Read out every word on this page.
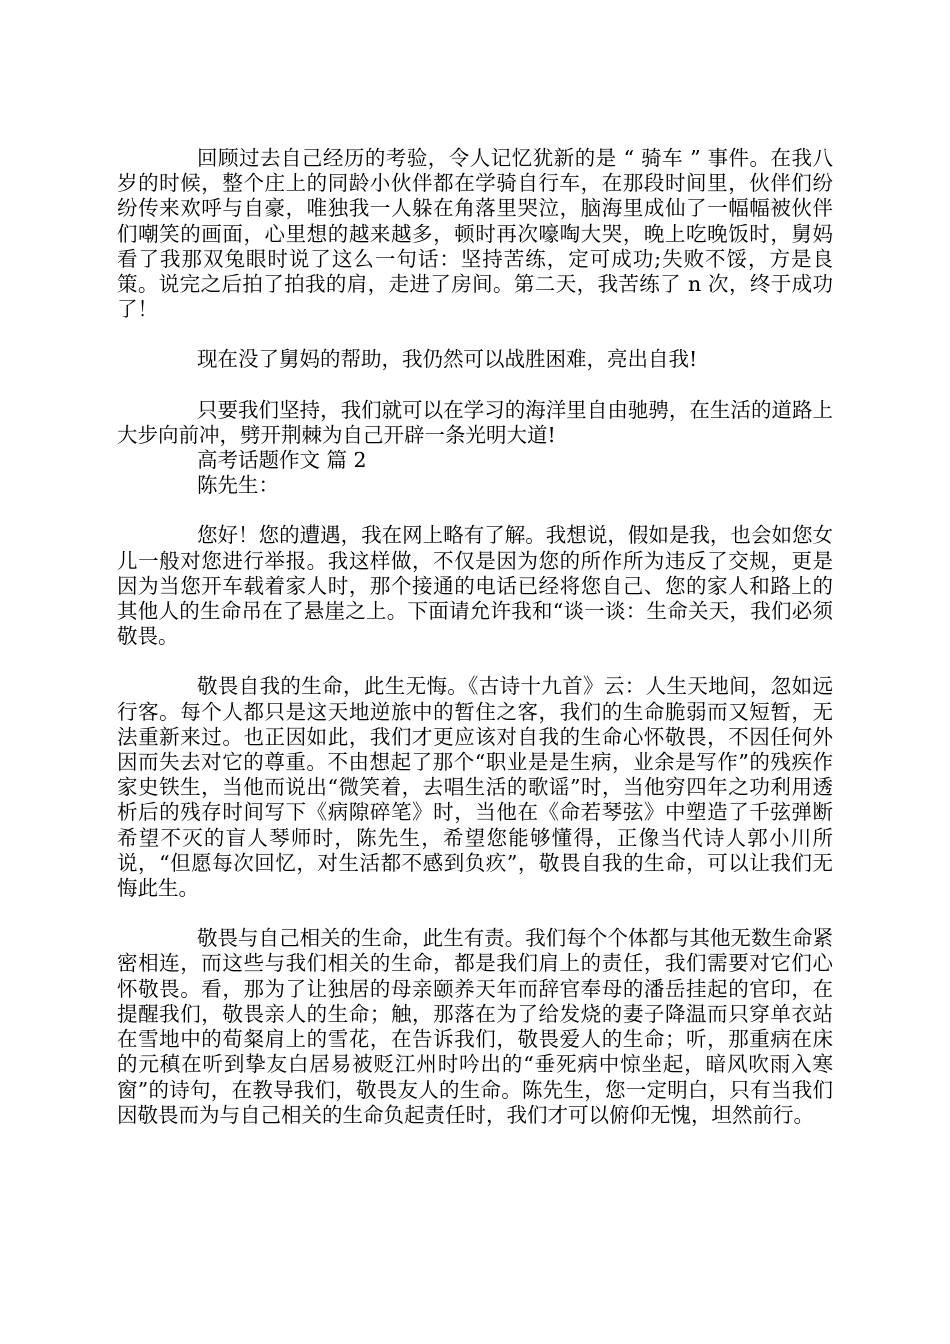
回顾过去自己经历的考验，令人记忆犹新的是 “ 骑车 ” 事件。在我八岁的时候，整个庄上的同龄小伙伴都在学骑自行车，在那段时间里，伙伴们纷纷传来欢呼与自豪，唯独我一人躲在角落里哭泣，脑海里成仙了一幅幅被伙伴们嘲笑的画面，心里想的越来越多，顿时再次嚎啕大哭，晚上吃晚饭时，舅妈看了我那双兔眼时说了这么一句话：坚持苦练，定可成功;失败不馁，方是良策。说完之后拍了拍我的肩，走进了房间。第二天，我苦练了 n 次，终于成功了！

现在没了舅妈的帮助，我仍然可以战胜困难，亮出自我!

只要我们坚持，我们就可以在学习的海洋里自由驰骋，在生活的道路上大步向前冲，劈开荆棘为自己开辟一条光明大道!

高考话题作文 篇 2

陈先生：

您好！您的遭遇，我在网上略有了解。我想说，假如是我，也会如您女儿一般对您进行举报。我这样做，不仅是因为您的所作所为违反了交规，更是因为当您开车载着家人时，那个接通的电话已经将您自己、您的家人和路上的其他人的生命吊在了悬崖之上。下面请允许我和“谈一谈：生命关天，我们必须敬畏。

敬畏自我的生命，此生无悔。《古诗十九首》云：人生天地间，忽如远行客。每个人都只是这天地逆旅中的暂住之客，我们的生命脆弱而又短暂，无法重新来过。也正因如此，我们才更应该对自我的生命心怀敬畏，不因任何外因而失去对它的尊重。不由想起了那个“职业是是生病，业余是写作”的残疾作家史铁生，当他而说出“微笑着，去唱生活的歌谣”时，当他穷四年之功利用透析后的残存时间写下《病隙碎笔》时，当他在《命若琴弦》中塑造了千弦弹断希望不灭的盲人琴师时，陈先生，希望您能够懂得，正像当代诗人郭小川所说，“但愿每次回忆，对生活都不感到负疚”，敬畏自我的生命，可以让我们无悔此生。

敬畏与自己相关的生命，此生有责。我们每个个体都与其他无数生命紧密相连，而这些与我们相关的生命，都是我们肩上的责任，我们需要对它们心怀敬畏。看，那为了让独居的母亲颐养天年而辞官奉母的潘岳挂起的官印，在提醒我们，敬畏亲人的生命；触，那落在为了给发烧的妻子降温而只穿单衣站在雪地中的荀粲肩上的雪花，在告诉我们，敬畏爱人的生命；听，那重病在床的元稹在听到挚友白居易被贬江州时吟出的“垂死病中惊坐起，暗风吹雨入寒窗”的诗句，在教导我们，敬畏友人的生命。陈先生，您一定明白，只有当我们因敬畏而为与自己相关的生命负起责任时，我们才可以俯仰无愧，坦然前行。
